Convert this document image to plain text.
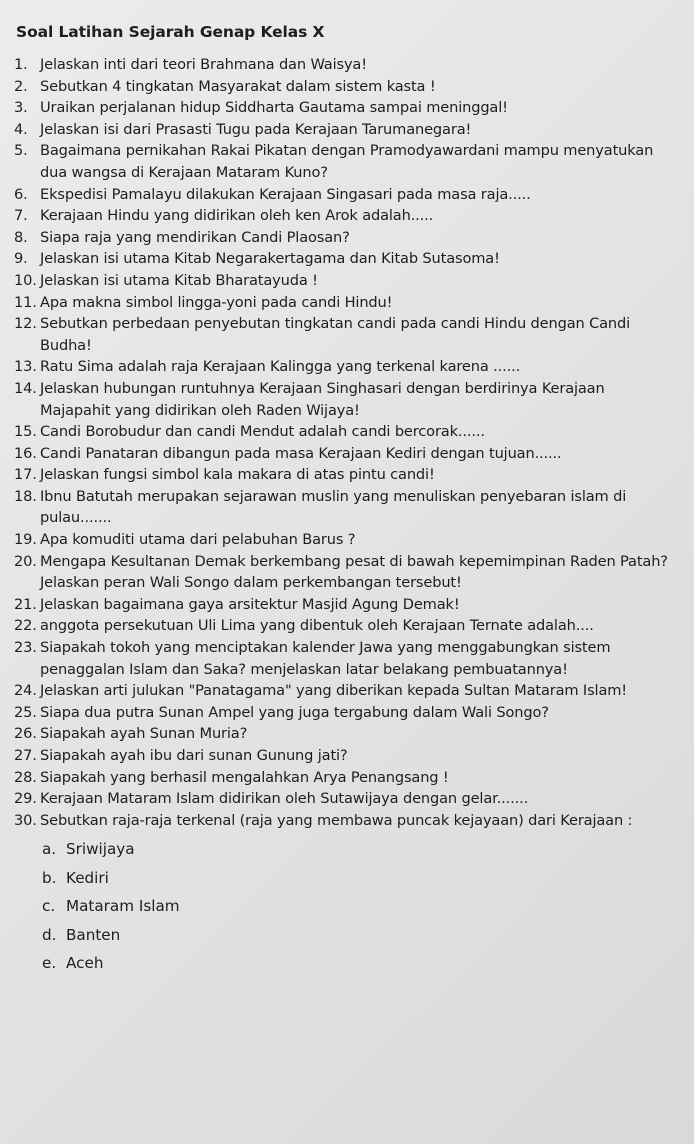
Soal Latihan Sejarah Genap Kelas X
1. Jelaskan inti dari teori Brahmana dan Waisya!
2. Sebutkan 4 tingkatan Masyarakat dalam sistem kasta !
3. Uraikan perjalanan hidup Siddharta Gautama sampai meninggal!
4. Jelaskan isi dari Prasasti Tugu pada Kerajaan Tarumanegara!
5. Bagaimana pernikahan Rakai Pikatan dengan Pramodyawardani mampu menyatukan dua wangsa di Kerajaan Mataram Kuno?
6. Ekspedisi Pamalayu dilakukan Kerajaan Singasari pada masa raja.....
7. Kerajaan Hindu yang didirikan oleh ken Arok adalah.....
8. Siapa raja yang mendirikan Candi Plaosan?
9. Jelaskan isi utama Kitab Negarakertagama dan Kitab Sutasoma!
10. Jelaskan isi utama Kitab Bharatayuda !
11. Apa makna simbol lingga-yoni pada candi Hindu!
12. Sebutkan perbedaan penyebutan tingkatan candi pada candi Hindu dengan Candi Budha!
13. Ratu Sima adalah raja Kerajaan Kalingga yang terkenal karena ......
14. Jelaskan hubungan runtuhnya Kerajaan Singhasari dengan berdirinya Kerajaan Majapahit yang didirikan oleh Raden Wijaya!
15. Candi Borobudur dan candi Mendut adalah candi bercorak......
16. Candi Panataran dibangun pada masa Kerajaan Kediri dengan tujuan......
17. Jelaskan fungsi simbol kala makara di atas pintu candi!
18. Ibnu Batutah merupakan sejarawan muslin yang menuliskan penyebaran islam di pulau.......
19. Apa komuditi utama dari pelabuhan Barus ?
20. Mengapa Kesultanan Demak berkembang pesat di bawah kepemimpinan Raden Patah? Jelaskan peran Wali Songo dalam perkembangan tersebut!
21. Jelaskan bagaimana gaya arsitektur Masjid Agung Demak!
22. anggota persekutuan Uli Lima yang dibentuk oleh Kerajaan Ternate adalah....
23. Siapakah tokoh yang menciptakan kalender Jawa yang menggabungkan sistem penaggalan Islam dan Saka? menjelaskan latar belakang pembuatannya!
24. Jelaskan arti julukan "Panatagama" yang diberikan kepada Sultan Mataram Islam!
25. Siapa dua putra Sunan Ampel yang juga tergabung dalam Wali Songo?
26. Siapakah ayah Sunan Muria?
27. Siapakah ayah ibu dari sunan Gunung jati?
28. Siapakah yang berhasil mengalahkan Arya Penangsang !
29. Kerajaan Mataram Islam didirikan oleh Sutawijaya dengan gelar.......
30. Sebutkan raja-raja terkenal (raja yang membawa puncak kejayaan) dari Kerajaan :
a. Sriwijaya
b. Kediri
c. Mataram Islam
d. Banten
e. Aceh
